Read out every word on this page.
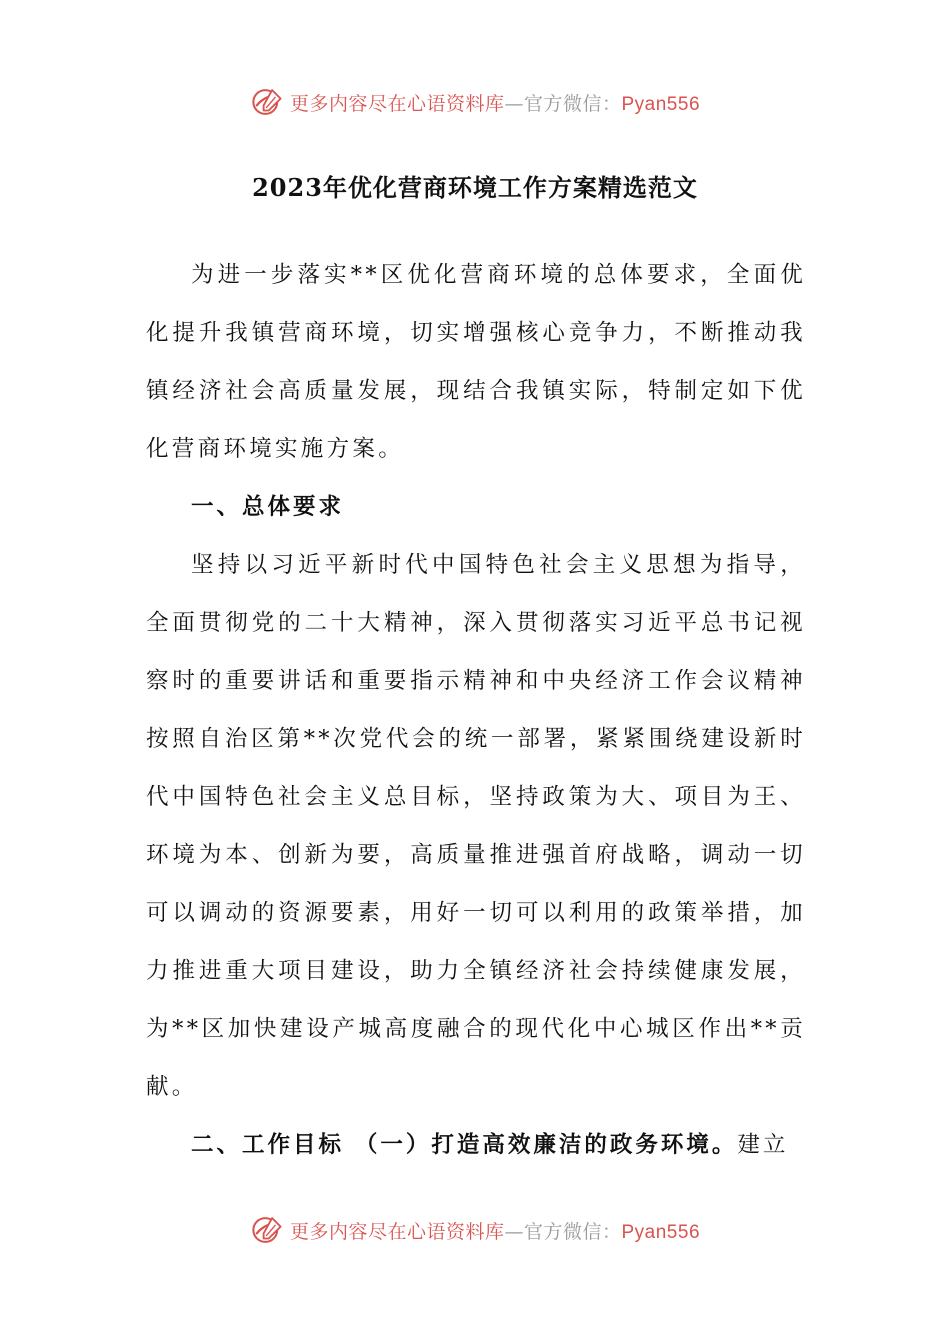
更多内容尽在心语资料库—官方微信：Pyan556
2023年优化营商环境工作方案精选范文

为进一步落实**区优化营商环境的总体要求，全面优化提升我镇营商环境，切实增强核心竞争力，不断推动我镇经济社会高质量发展，现结合我镇实际，特制定如下优化营商环境实施方案。

一、总体要求

坚持以习近平新时代中国特色社会主义思想为指导，全面贯彻党的二十大精神，深入贯彻落实习近平总书记视察时的重要讲话和重要指示精神和中央经济工作会议精神按照自治区第**次党代会的统一部署，紧紧围绕建设新时代中国特色社会主义总目标，坚持政策为大、项目为王、环境为本、创新为要，高质量推进强首府战略，调动一切可以调动的资源要素，用好一切可以利用的政策举措，加力推进重大项目建设，助力全镇经济社会持续健康发展，为**区加快建设产城高度融合的现代化中心城区作出**贡献。

二、工作目标 （一）打造高效廉洁的政务环境。建立

更多内容尽在心语资料库—官方微信：Pyan556
